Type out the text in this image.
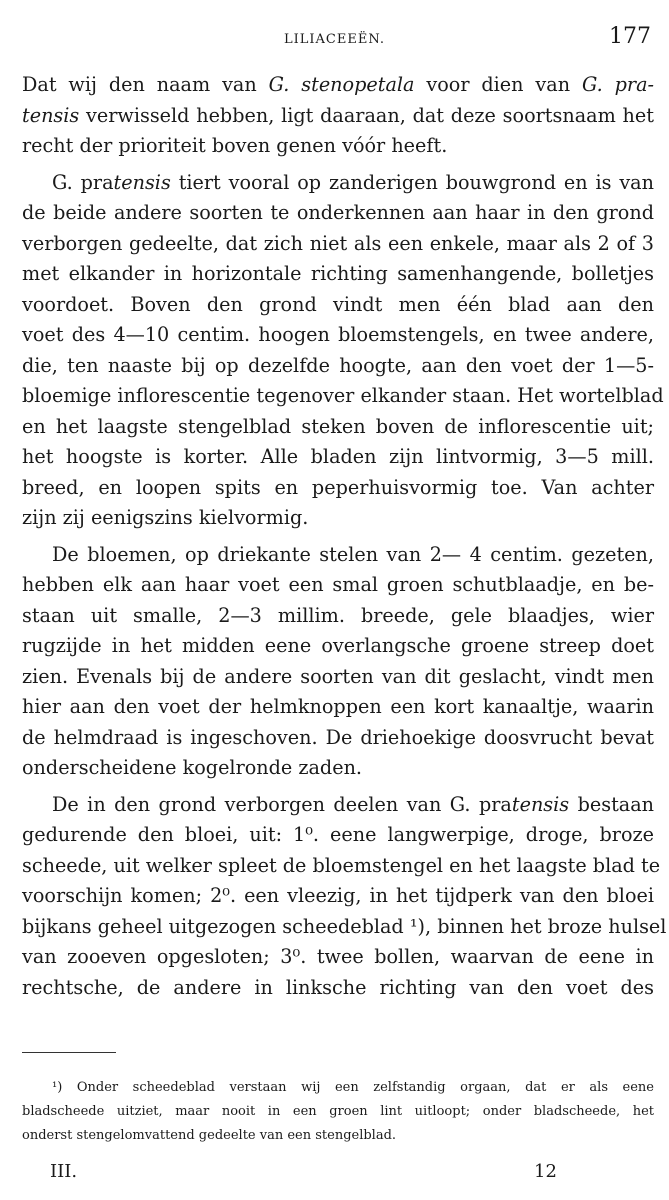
LILIACEEËN.	177
Dat wij den naam van G. stenopetala voor dien van G. pra-
tensis verwisseld hebben, ligt daaraan, dat deze soortsnaam het
recht der prioriteit boven genen vóór heeft.
G. pratensis tiert vooral op zanderigen bouwgrond en is van
de beide andere soorten te onderkennen aan haar in den grond
verborgen gedeelte, dat zich niet als een enkele, maar als 2 of 3
met elkander in horizontale richting samenhangende, bolletjes
voordoet. Boven den grond vindt men één blad aan den
voet des 4—10 centim. hoogen bloemstengels, en twee andere,
die, ten naaste bij op dezelfde hoogte, aan den voet der 1—5-
bloemige inflorescentie tegenover elkander staan. Het wortelblad
en het laagste stengelblad steken boven de inflorescentie uit;
het hoogste is korter. Alle bladen zijn lintvormig, 3—5 mill.
breed, en loopen spits en peperhuisvormig toe. Van achter
zijn zij eenigszins kielvormig.
De bloemen, op driekante stelen van 2— 4 centim. gezeten,
hebben elk aan haar voet een smal groen schutblaadje, en be-
staan uit smalle, 2—3 millim. breede, gele blaadjes, wier
rugzijde in het midden eene overlangsche groene streep doet
zien. Evenals bij de andere soorten van dit geslacht, vindt men
hier aan den voet der helmknoppen een kort kanaaltje, waarin
de helmdraad is ingeschoven. De driehoekige doosvrucht bevat
onderscheidene kogelronde zaden.
De in den grond verborgen deelen van G. pratensis bestaan
gedurende den bloei, uit: 1⁰. eene langwerpige, droge, broze
scheede, uit welker spleet de bloemstengel en het laagste blad te
voorschijn komen; 2⁰. een vleezig, in het tijdperk van den bloei
bijkans geheel uitgezogen scheedeblad ¹), binnen het broze hulsel
van zooeven opgesloten; 3⁰. twee bollen, waarvan de eene in
rechtsche, de andere in linksche richting van den voet des
¹) Onder scheedeblad verstaan wij een zelfstandig orgaan, dat er als eene
bladscheede uitziet, maar nooit in een groen lint uitloopt; onder bladscheede, het
onderst stengelomvattend gedeelte van een stengelblad.
III.	12
